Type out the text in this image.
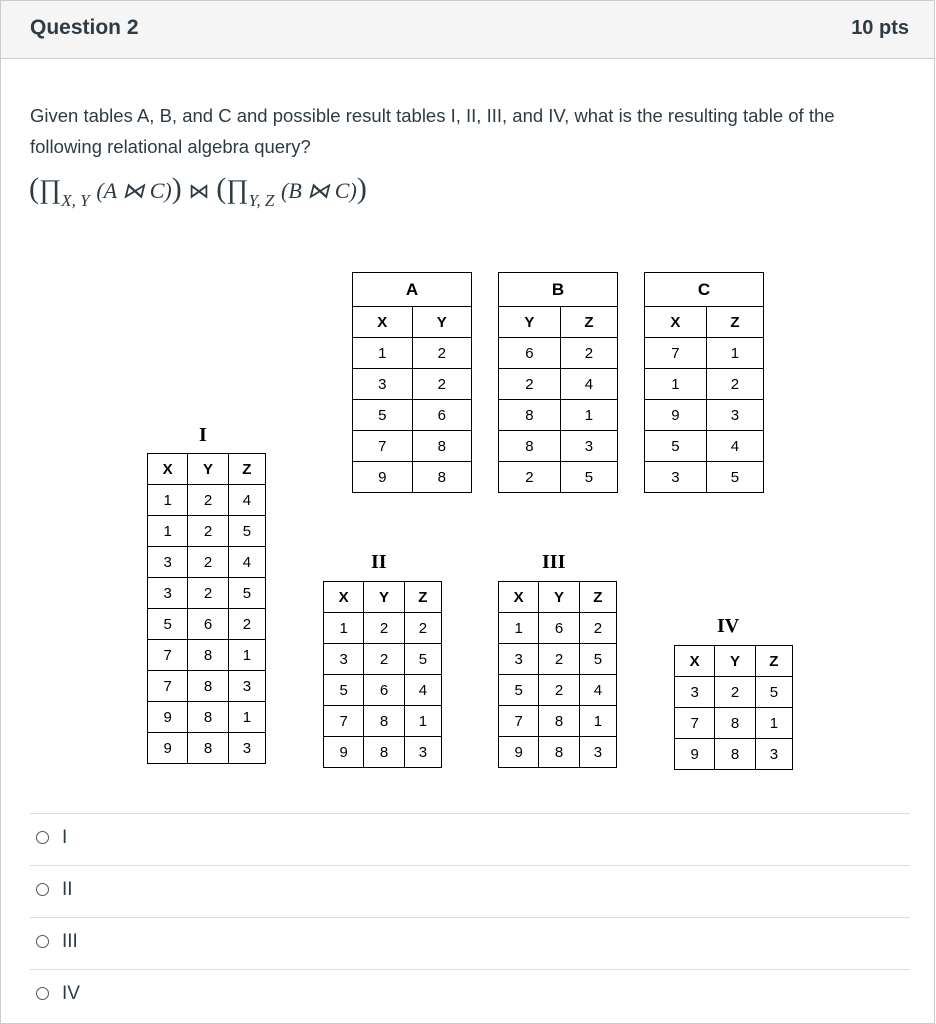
Question 2	10 pts
Given tables A, B, and C and possible result tables I, II, III, and IV, what is the resulting table of the following relational algebra query?
($\prod_{X, Y}$ (A ⋈ C)) ⋈ ($\prod_{Y, Z}$ (B ⋈ C))
A	
X	Y
1	2
3	2
5	6
7	8
9	8
B	
Y	Z
6	2
2	4
8	1
8	3
2	5
C	
X	Z
7	1
1	2
9	3
5	4
3	5
I
X	Y	Z
1	2	4
1	2	5
3	2	4
3	2	5
5	6	2
7	8	1
7	8	3
9	8	1
9	8	3
II
X	Y	Z
1	2	2
3	2	5
5	6	4
7	8	1
9	8	3
III
X	Y	Z
1	6	2
3	2	5
5	2	4
7	8	1
9	8	3
IV
X	Y	Z
3	2	5
7	8	1
9	8	3
I
II
III
IV
